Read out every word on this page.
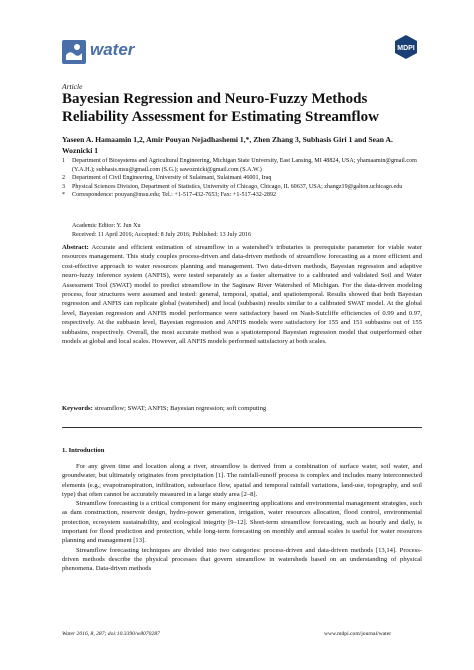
water	MDPI
Article
Bayesian Regression and Neuro-Fuzzy Methods Reliability Assessment for Estimating Streamflow
Yaseen A. Hamaamin 1,2, Amir Pouyan Nejadhashemi 1,*, Zhen Zhang 3, Subhasis Giri 1 and Sean A. Woznicki 1
1 Department of Biosystems and Agricultural Engineering, Michigan State University, East Lansing, MI 48824, USA; yhamaamin@gmail.com (Y.A.H.); subhasis.msu@gmail.com (S.G.); sawoznicki@gmail.com (S.A.W.)
2 Department of Civil Engineering, University of Sulaimani, Sulaimani 46001, Iraq
3 Physical Sciences Division, Department of Statistics, University of Chicago, Chicago, IL 60637, USA; zhangz19@galton.uchicago.edu
* Correspondence: pouyan@msu.edu; Tel.: +1-517-432-7653; Fax: +1-517-432-2892
Academic Editor: Y. Jun Xu
Received: 11 April 2016; Accepted: 8 July 2016; Published: 13 July 2016
Abstract: Accurate and efficient estimation of streamflow in a watershed’s tributaries is prerequisite parameter for viable water resources management. This study couples process-driven and data-driven methods of streamflow forecasting as a more efficient and cost-effective approach to water resources planning and management. Two data-driven methods, Bayesian regression and adaptive neuro-fuzzy inference system (ANFIS), were tested separately as a faster alternative to a calibrated and validated Soil and Water Assessment Tool (SWAT) model to predict streamflow in the Saginaw River Watershed of Michigan. For the data-driven modeling process, four structures were assumed and tested: general, temporal, spatial, and spatiotemporal. Results showed that both Bayesian regression and ANFIS can replicate global (watershed) and local (subbasin) results similar to a calibrated SWAT model. At the global level, Bayesian regression and ANFIS model performance were satisfactory based on Nash-Sutcliffe efficiencies of 0.99 and 0.97, respectively. At the subbasin level, Bayesian regression and ANFIS models were satisfactory for 155 and 151 subbasins out of 155 subbasins, respectively. Overall, the most accurate method was a spatiotemporal Bayesian regression model that outperformed other models at global and local scales. However, all ANFIS models performed satisfactory at both scales.
Keywords: streamflow; SWAT; ANFIS; Bayesian regression; soft computing
1. Introduction

For any given time and location along a river, streamflow is derived from a combination of surface water, soil water, and groundwater, but ultimately originates from precipitation [1]. The rainfall-runoff process is complex and includes many interconnected elements (e.g., evapotranspiration, infiltration, subsurface flow, spatial and temporal rainfall variations, land-use, topography, and soil type) that often cannot be accurately measured in a large study area [2–8].

Streamflow forecasting is a critical component for many engineering applications and environmental management strategies, such as dam construction, reservoir design, hydro-power generation, irrigation, water resources allocation, flood control, environmental protection, ecosystem sustainability, and ecological integrity [9–12]. Short-term streamflow forecasting, such as hourly and daily, is important for flood prediction and protection, while long-term forecasting on monthly and annual scales is useful for water resources planning and management [13].

Streamflow forecasting techniques are divided into two categories: process-driven and data-driven methods [13,14]. Process-driven methods describe the physical processes that govern streamflow in watersheds based on an understanding of physical phenomena. Data-driven methods

Water 2016, 8, 287; doi:10.3390/w8070287	www.mdpi.com/journal/water
